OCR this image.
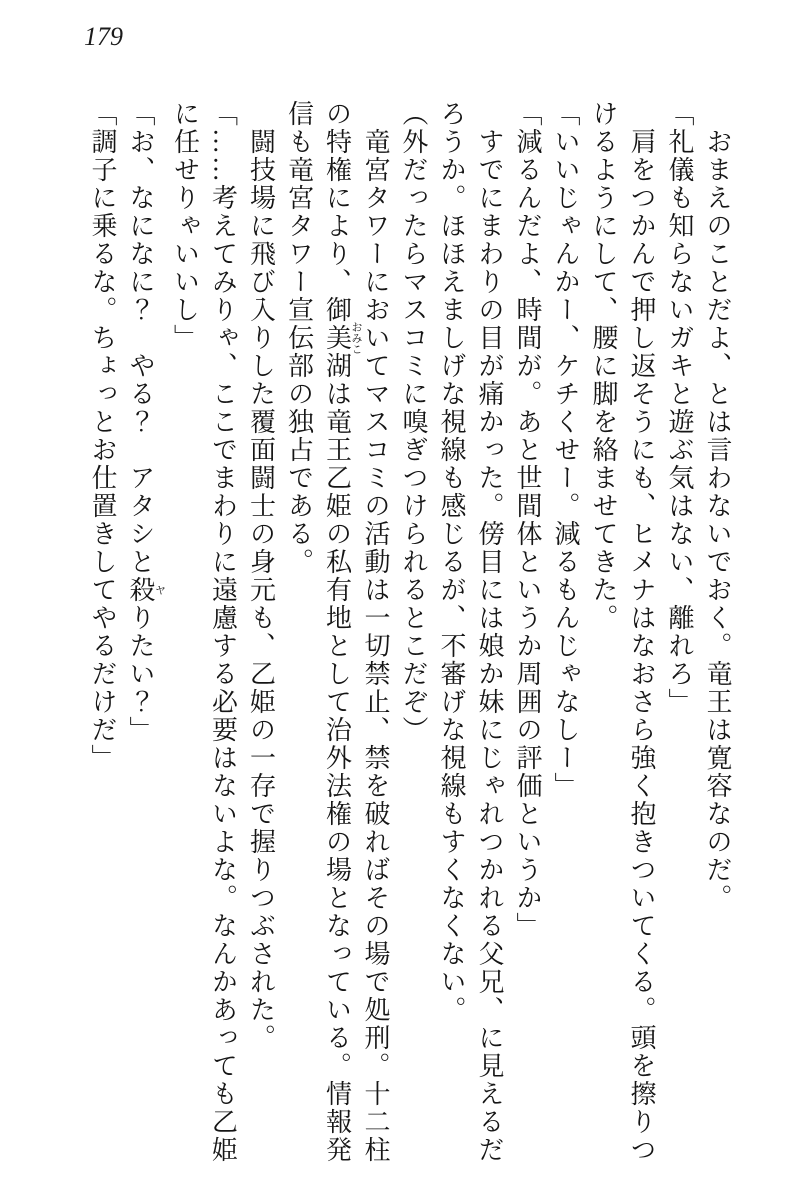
179

おまえのことだよ、とは言わないでおく。竜王は寛容なのだ。

「礼儀も知らないガキと遊ぶ気はない、離れろ」

肩をつかんで押し返そうにも、ヒメナはなおさら強く抱きついてくる。頭を擦りつけるようにして、腰に脚を絡ませてきた。

「いいじゃんかー、ケチくせー。減るもんじゃなしー」

「減るんだよ、時間が。あと世間体というか周囲の評価というか」

すでにまわりの目が痛かった。傍目には娘か妹にじゃれつかれる父兄、に見えるだろうか。ほほえましげな視線も感じるが、不審げな視線もすくなくない。

（外だったらマスコミに嗅ぎつけられるとこだぞ）

竜宮タワーにおいてマスコミの活動は一切禁止、禁を破ればその場で処刑。十二柱の特権により、御美湖おみこは竜王乙姫の私有地として治外法権の場となっている。情報発信も竜宮タワー宣伝部の独占である。

闘技場に飛び入りした覆面闘士の身元も、乙姫の一存で握りつぶされた。

「……考えてみりゃ、ここでまわりに遠慮する必要はないよな。なんかあっても乙姫に任せりゃいいし」

「お、なになに？　やる？　アタシと殺ヤりたい？」

「調子に乗るな。ちょっとお仕置きしてやるだけだ」
